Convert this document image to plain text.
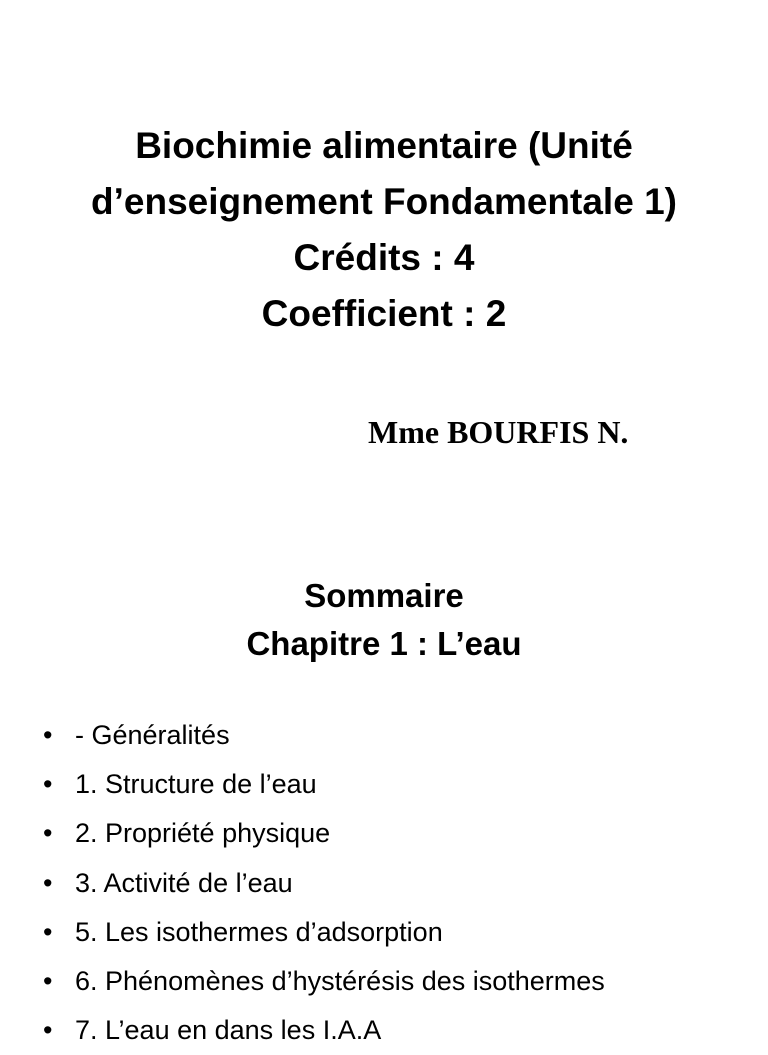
Biochimie alimentaire (Unité
d’enseignement Fondamentale 1)
Crédits : 4
Coefficient : 2
Mme BOURFIS N.
Sommaire
Chapitre 1 : L’eau
• - Généralités
• 1. Structure de l’eau
• 2. Propriété physique
• 3. Activité de l’eau
• 5. Les isothermes d’adsorption
• 6. Phénomènes d’hystérésis des isothermes
• 7. L’eau en dans les I.A.A
